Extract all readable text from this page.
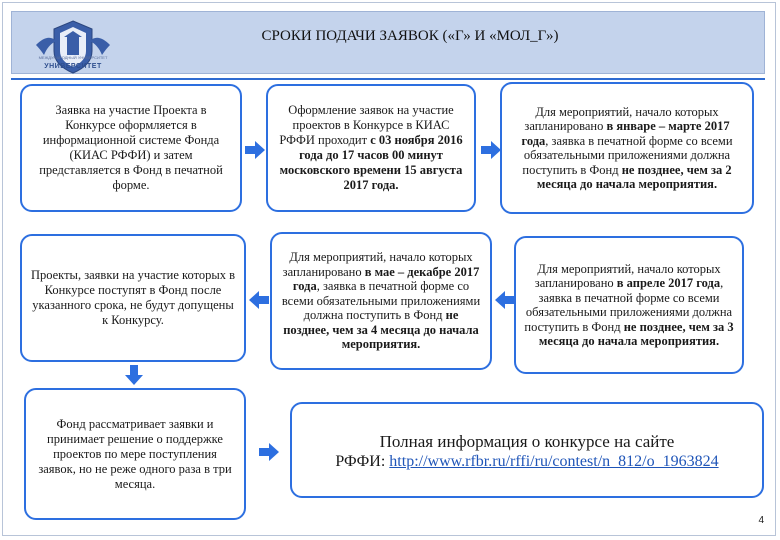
МЕЖДУНАРОДНЫЙ УНИВЕРСИТЕТ
УНИВЕРСИТЕТ
СРОКИ ПОДАЧИ ЗАЯВОК («Г» И «МОЛ_Г»)
Заявка на участие Проекта в Конкурсе оформляется в информационной системе Фонда (КИАС РФФИ) и затем представляется в Фонд в печатной форме.
Оформление заявок на участие проектов в Конкурсе в КИАС РФФИ проходит с 03 ноября 2016 года до 17 часов 00 минут московского времени 15 августа 2017 года.
Для мероприятий, начало которых запланировано в январе – марте 2017 года, заявка в печатной форме со всеми обязательными приложениями должна поступить в Фонд не позднее, чем за 2 месяца до начала мероприятия.
Проекты, заявки на участие которых в Конкурсе поступят в Фонд после указанного срока, не будут допущены к Конкурсу.
Для мероприятий, начало которых запланировано в мае – декабре 2017 года, заявка в печатной форме со всеми обязательными приложениями должна поступить в Фонд не позднее, чем за 4 месяца до начала мероприятия.
Для мероприятий, начало которых запланировано в апреле 2017 года, заявка в печатной форме со всеми обязательными приложениями должна поступить в Фонд не позднее, чем за 3 месяца до начала мероприятия.
Фонд рассматривает заявки и принимает решение о поддержке проектов по мере поступления заявок, но не реже одного раза в три месяца.
Полная информация о конкурсе на сайте
РФФИ: http://www.rfbr.ru/rffi/ru/contest/n_812/o_1963824
4
